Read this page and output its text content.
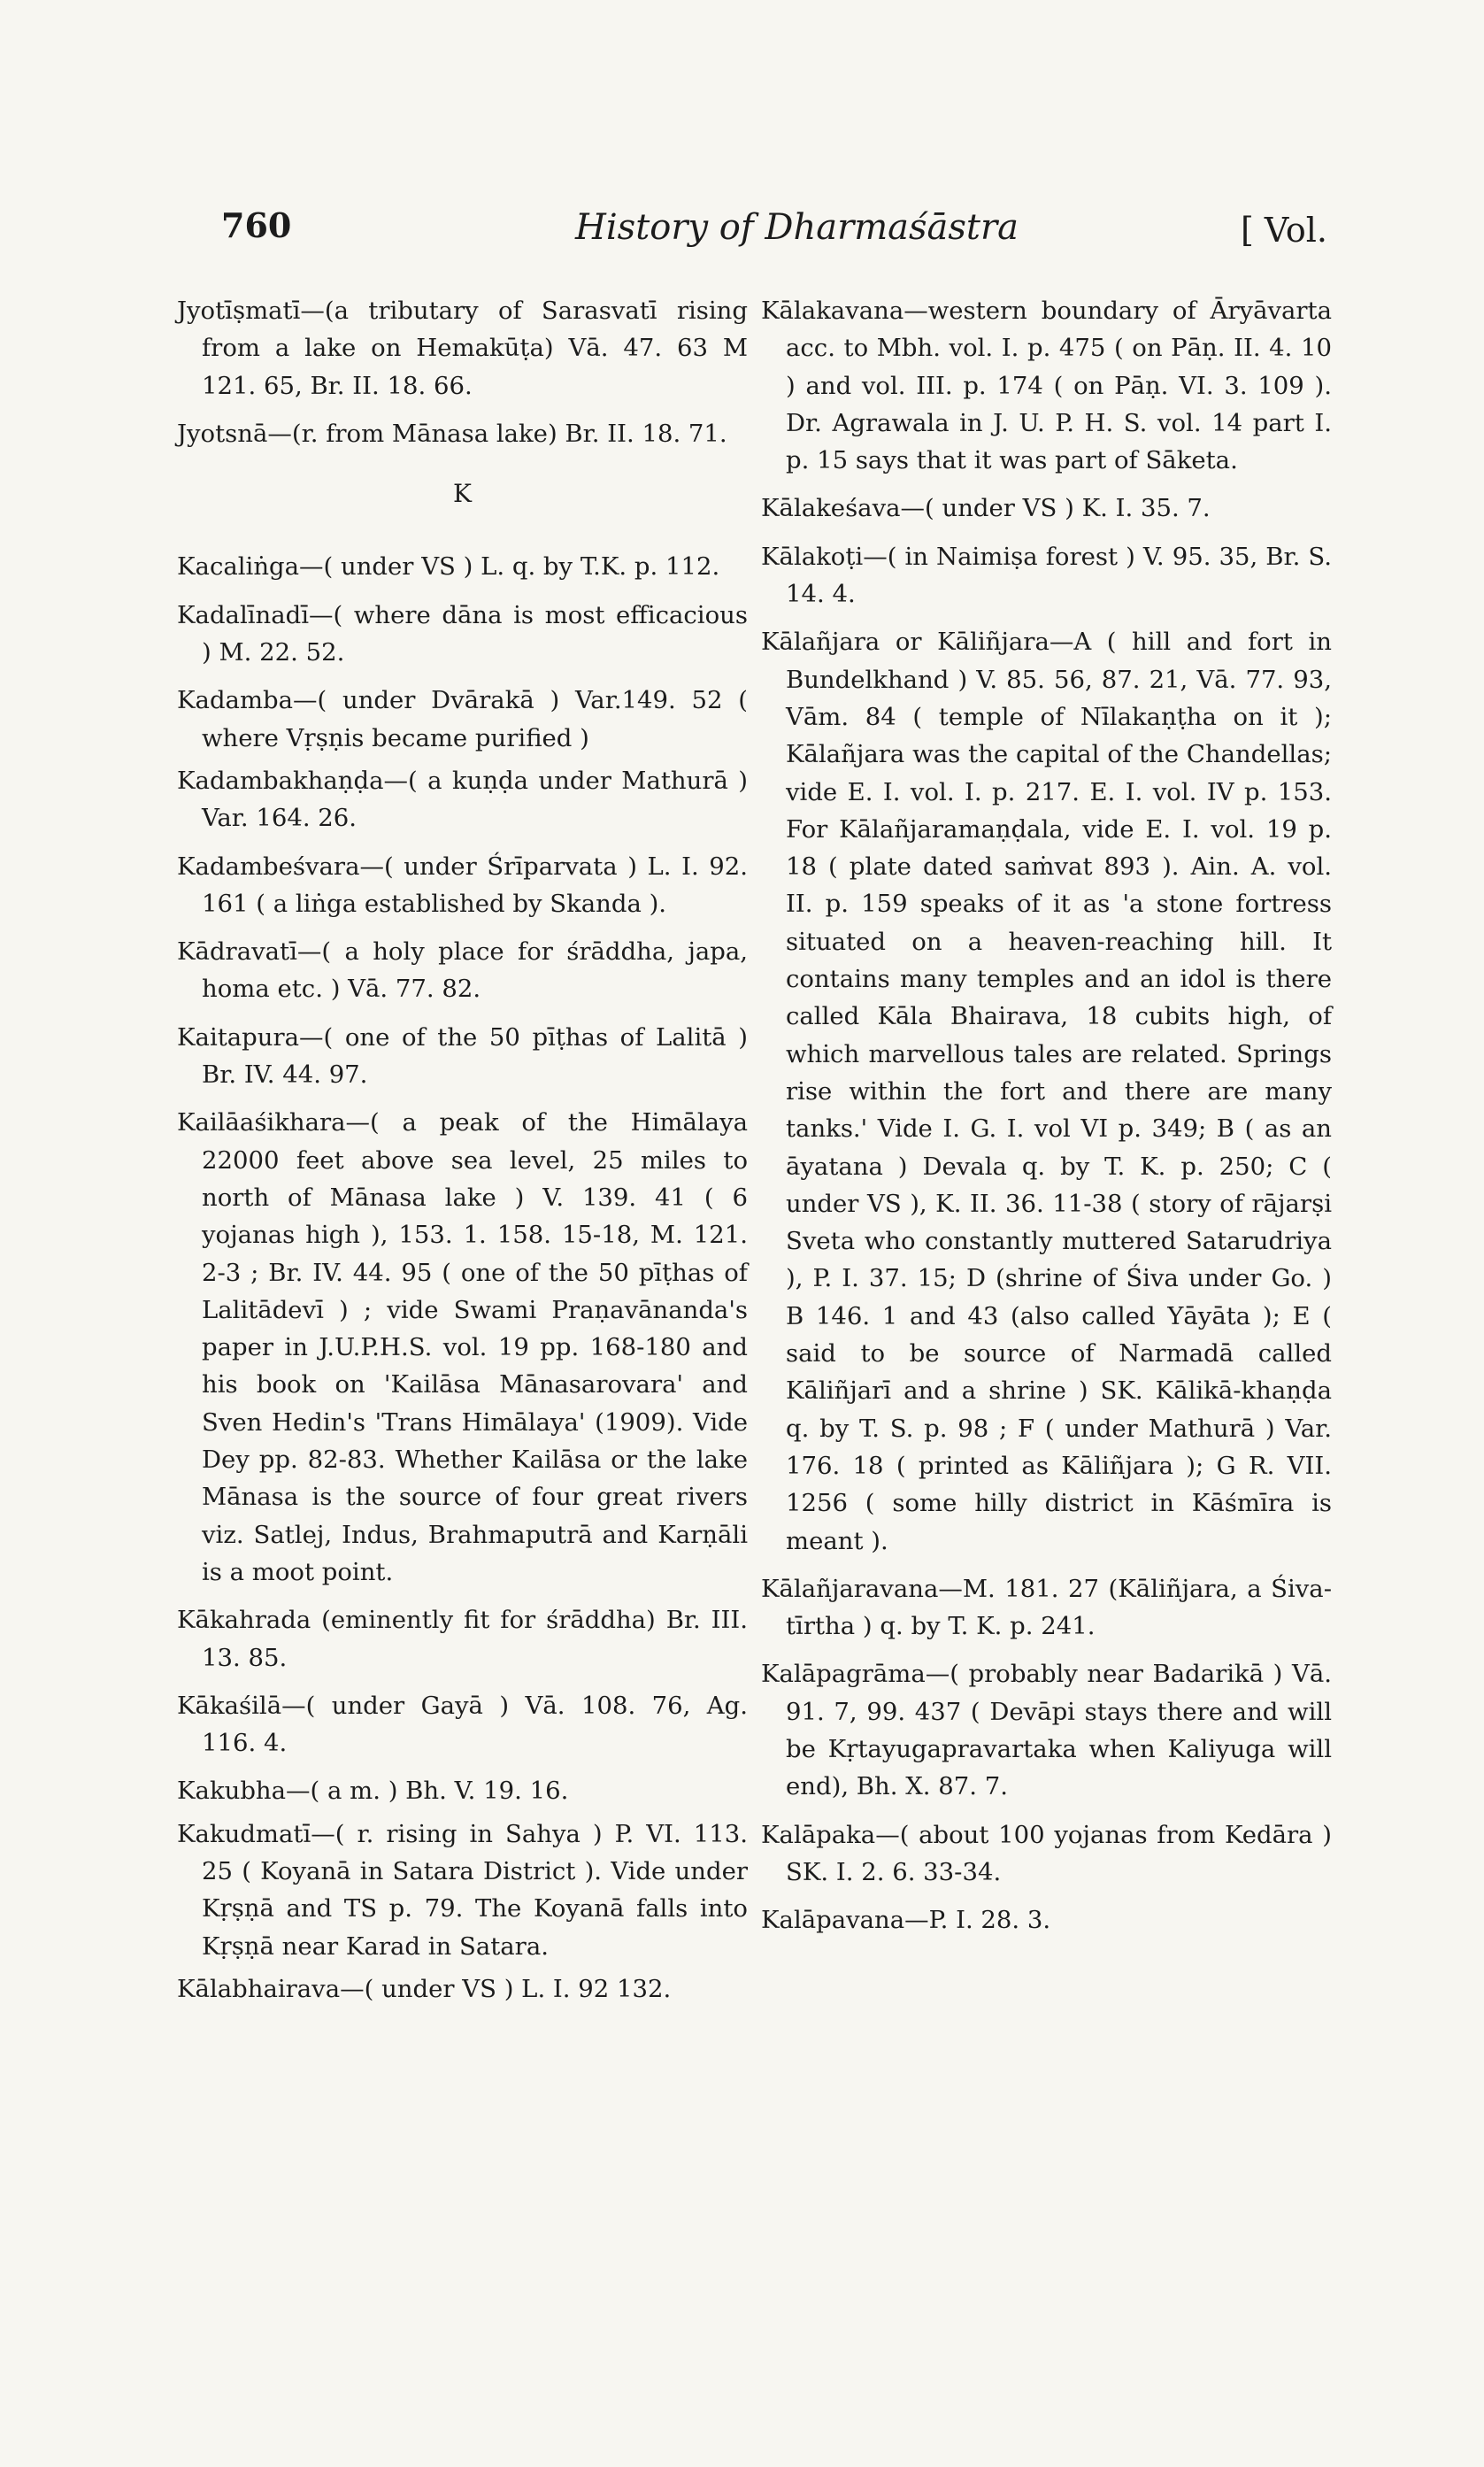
760	History of Dharmaśāstra	[ Vol.

Jyotīṣmatī—(a tributary of Sarasvatī rising from a lake on Hemakūṭa) Vā. 47. 63 M 121. 65, Br. II. 18. 66.

Jyotsnā—(r. from Mānasa lake) Br. II. 18. 71.

K

Kacaliṅga—( under VS ) L. q. by T.K. p. 112.

Kadalīnadī—( where dāna is most efficacious ) M. 22. 52.

Kadamba—( under Dvārakā ) Var.149. 52 ( where Vṛṣṇis became purified )

Kadambakhaṇḍa—( a kuṇḍa under Mathurā ) Var. 164. 26.

Kadambeśvara—( under Śrīparvata ) L. I. 92. 161 ( a liṅga established by Skanda ).

Kādravatī—( a holy place for śrāddha, japa, homa etc. ) Vā. 77. 82.

Kaitapura—( one of the 50 pīṭhas of Lalitā ) Br. IV. 44. 97.

Kailāaśikhara—( a peak of the Himālaya 22000 feet above sea level, 25 miles to north of Mānasa lake ) V. 139. 41 ( 6 yojanas high ), 153. 1. 158. 15-18, M. 121. 2-3 ; Br. IV. 44. 95 ( one of the 50 pīṭhas of Lalitādevī ) ; vide Swami Praṇavānanda's paper in J.U.P.H.S. vol. 19 pp. 168-180 and his book on 'Kailāsa Mānasarovara' and Sven Hedin's 'Trans Himālaya' (1909). Vide Dey pp. 82-83. Whether Kailāsa or the lake Mānasa is the source of four great rivers viz. Satlej, Indus, Brahmaputrā and Karṇāli is a moot point.

Kākahrada (eminently fit for śrāddha) Br. III. 13. 85.

Kākaśilā—( under Gayā ) Vā. 108. 76, Ag. 116. 4.

Kakubha—( a m. ) Bh. V. 19. 16.

Kakudmatī—( r. rising in Sahya ) P. VI. 113. 25 ( Koyanā in Satara District ). Vide under Kṛṣṇā and TS p. 79. The Koyanā falls into Kṛṣṇā near Karad in Satara.

Kālabhairava—( under VS ) L. I. 92 132.

Kālakavana—western boundary of Āryāvarta acc. to Mbh. vol. I. p. 475 ( on Pāṇ. II. 4. 10 ) and vol. III. p. 174 ( on Pāṇ. VI. 3. 109 ). Dr. Agrawala in J. U. P. H. S. vol. 14 part I. p. 15 says that it was part of Sāketa.

Kālakeśava—( under VS ) K. I. 35. 7.

Kālakoṭi—( in Naimiṣa forest ) V. 95. 35, Br. S. 14. 4.

Kālañjara or Kāliñjara—A ( hill and fort in Bundelkhand ) V. 85. 56, 87. 21, Vā. 77. 93, Vām. 84 ( temple of Nīlakaṇṭha on it ); Kālañjara was the capital of the Chandellas; vide E. I. vol. I. p. 217. E. I. vol. IV p. 153. For Kālañjaramaṇḍala, vide E. I. vol. 19 p. 18 ( plate dated saṁvat 893 ). Ain. A. vol. II. p. 159 speaks of it as 'a stone fortress situated on a heaven-reaching hill. It contains many temples and an idol is there called Kāla Bhairava, 18 cubits high, of which marvellous tales are related. Springs rise within the fort and there are many tanks.' Vide I. G. I. vol VI p. 349; B ( as an āyatana ) Devala q. by T. K. p. 250; C ( under VS ), K. II. 36. 11-38 ( story of rājarṣi Sveta who constantly muttered Satarudriya ), P. I. 37. 15; D (shrine of Śiva under Go. ) B 146. 1 and 43 (also called Yāyāta ); E ( said to be source of Narmadā called Kāliñjarī and a shrine ) SK. Kālikā-khaṇḍa q. by T. S. p. 98 ; F ( under Mathurā ) Var. 176. 18 ( printed as Kāliñjara ); G R. VII. 1256 ( some hilly district in Kāśmīra is meant ).

Kālañjaravana—M. 181. 27 (Kāliñjara, a Śiva-tīrtha ) q. by T. K. p. 241.

Kalāpagrāma—( probably near Badarikā ) Vā. 91. 7, 99. 437 ( Devāpi stays there and will be Kṛtayugapravartaka when Kaliyuga will end), Bh. X. 87. 7.

Kalāpaka—( about 100 yojanas from Kedāra ) SK. I. 2. 6. 33-34.

Kalāpavana—P. I. 28. 3.
